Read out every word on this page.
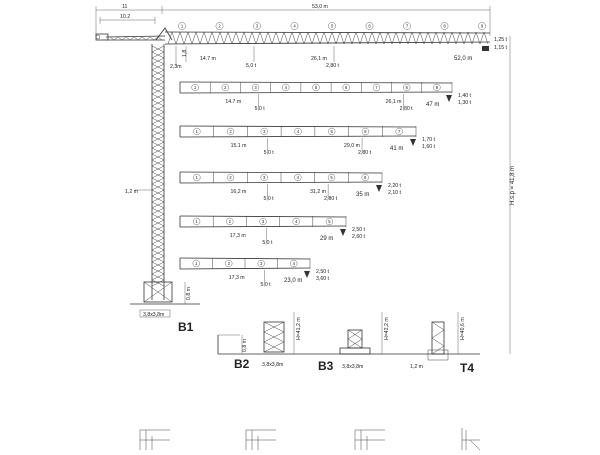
11
10.2
53,0 m
1	2	3	4	5	6	7	8	9
2,3m
1,8
14.7 m
5,0 t
26,1 m
2,80 t
52,0 m
1,25 t
1,15 t
0,8 m
1,2 m
3,8x3,8m
B1
H.s.p = 41,8 m
1	2	3	4	5	6	7	8	9
14.7 m
5,0 t
26,1 m
2,80 t
47 m
1,40 t
1,30 t
1	2	3	4	5	6	7
15.1 m
5,0 t
29,0 m
2,80 t
41 m
1,70 t
1,60 t
1	2	3	4	5	6
16,2 m
5,0 t
31,2 m
2,80 t
35 m
2,20 t
2,10 t
1	2	3	4	5
17,3 m
5,0 t
29 m
2,50 t
2,60 t
1	2	3	4
17,3 m
5,0 t
23,0 m
2,50 t
3,60 t
0,8 m
H=41,2 m
B2 3,8x3,8m
H=42,2 m
B3 3,8x3,8m
H=40,6 m
T4
1,2 m
